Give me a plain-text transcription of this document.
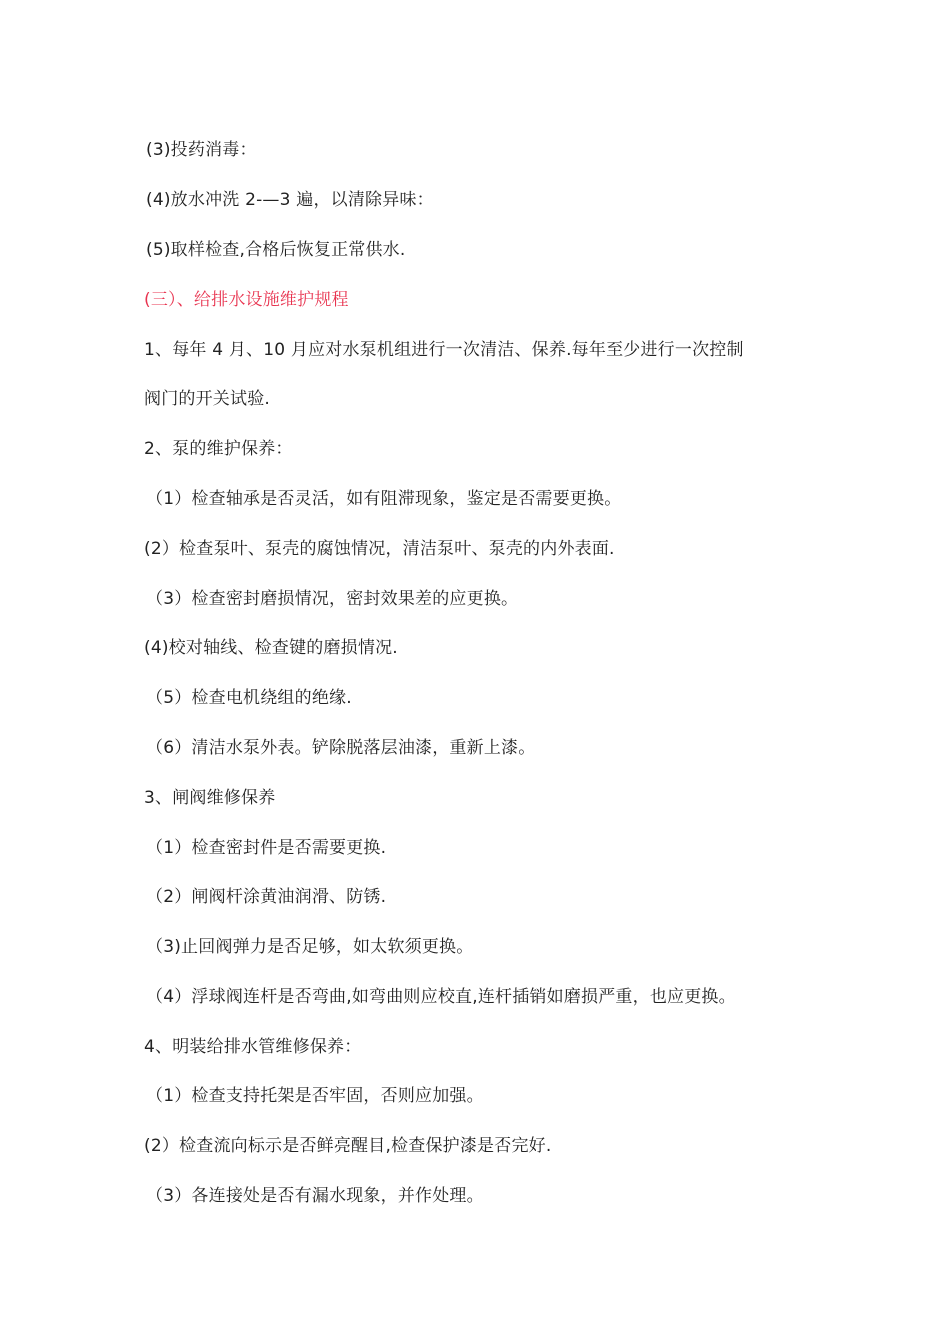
(3)投药消毒：
(4)放水冲洗 2-—3 遍，以清除异味：
(5)取样检查,合格后恢复正常供水.
(三）、给排水设施维护规程
1、每年 4 月、10 月应对水泵机组进行一次清洁、保养.每年至少进行一次控制
阀门的开关试验.
2、泵的维护保养：
（1）检查轴承是否灵活，如有阻滞现象，鉴定是否需要更换。
(2）检查泵叶、泵壳的腐蚀情况，清洁泵叶、泵壳的内外表面.
（3）检查密封磨损情况，密封效果差的应更换。
(4)校对轴线、检查键的磨损情况.
（5）检查电机绕组的绝缘.
（6）清洁水泵外表。铲除脱落层油漆，重新上漆。
3、闸阀维修保养
（1）检查密封件是否需要更换.
（2）闸阀杆涂黄油润滑、防锈.
（3)止回阀弹力是否足够，如太软须更换。
（4）浮球阀连杆是否弯曲,如弯曲则应校直,连杆插销如磨损严重，也应更换。
4、明装给排水管维修保养：
（1）检查支持托架是否牢固，否则应加强。
(2）检查流向标示是否鲜亮醒目,检查保护漆是否完好.
（3）各连接处是否有漏水现象，并作处理。
